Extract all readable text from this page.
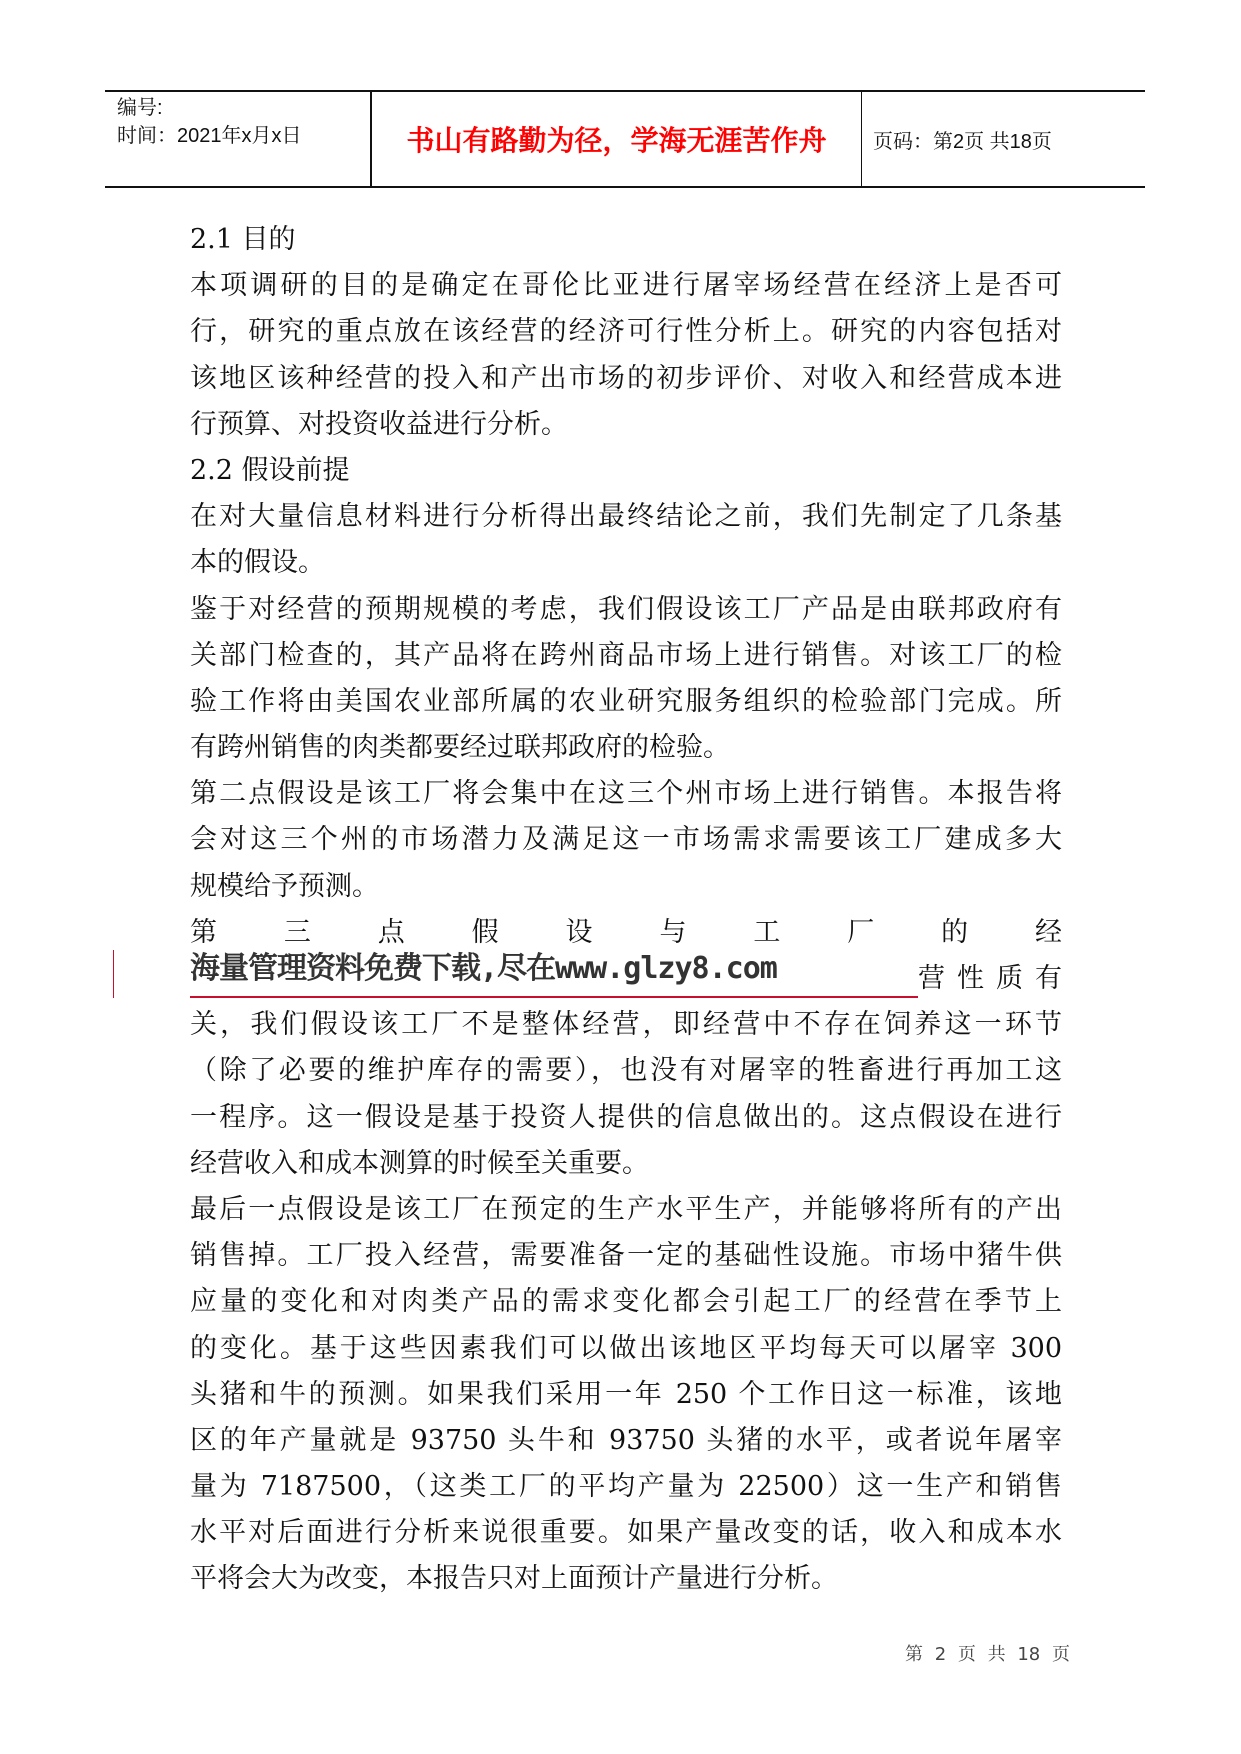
编号:
时间：2021年x月x日	书山有路勤为径，学海无涯苦作舟	页码：第2页 共18页
2.1 目的
本项调研的目的是确定在哥伦比亚进行屠宰场经营在经济上是否可
行，研究的重点放在该经营的经济可行性分析上。研究的内容包括对
该地区该种经营的投入和产出市场的初步评价、对收入和经营成本进
行预算、对投资收益进行分析。
2.2 假设前提
在对大量信息材料进行分析得出最终结论之前，我们先制定了几条基
本的假设。
鉴于对经营的预期规模的考虑，我们假设该工厂产品是由联邦政府有
关部门检查的，其产品将在跨州商品市场上进行销售。对该工厂的检
验工作将由美国农业部所属的农业研究服务组织的检验部门完成。所
有跨州销售的肉类都要经过联邦政府的检验。
第二点假设是该工厂将会集中在这三个州市场上进行销售。本报告将
会对这三个州的市场潜力及满足这一市场需求需要该工厂建成多大
规模给予预测。
第 三 点 假 设 与 工 厂 的 经
海量管理资料免费下载,尽在www.glzy8.com	营 性 质 有
关，我们假设该工厂不是整体经营，即经营中不存在饲养这一环节
（除了必要的维护库存的需要），也没有对屠宰的牲畜进行再加工这
一程序。这一假设是基于投资人提供的信息做出的。这点假设在进行
经营收入和成本测算的时候至关重要。
最后一点假设是该工厂在预定的生产水平生产，并能够将所有的产出
销售掉。工厂投入经营，需要准备一定的基础性设施。市场中猪牛供
应量的变化和对肉类产品的需求变化都会引起工厂的经营在季节上
的变化。基于这些因素我们可以做出该地区平均每天可以屠宰 300
头猪和牛的预测。如果我们采用一年 250 个工作日这一标准，该地
区的年产量就是 93750 头牛和 93750 头猪的水平，或者说年屠宰
量为 7187500，（这类工厂的平均产量为 22500）这一生产和销售
水平对后面进行分析来说很重要。如果产量改变的话，收入和成本水
平将会大为改变，本报告只对上面预计产量进行分析。
第 2 页 共 18 页
